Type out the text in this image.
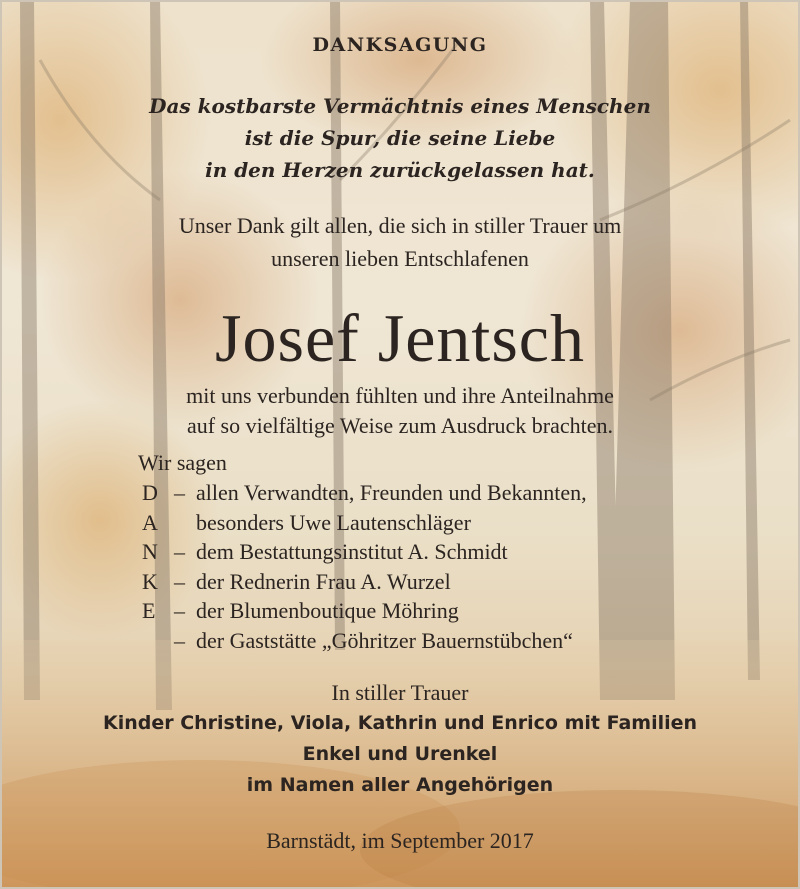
DANKSAGUNG

Das kostbarste Vermächtnis eines Menschen

ist die Spur, die seine Liebe

in den Herzen zurückgelassen hat.

Unser Dank gilt allen, die sich in stiller Trauer um

unseren lieben Entschlafenen

Josef Jentsch

mit uns verbunden fühlten und ihre Anteilnahme

auf so vielfältige Weise zum Ausdruck brachten.

Wir sagen
D – allen Verwandten, Freunden und Bekannten,
A	besonders Uwe Lautenschläger
N – dem Bestattungsinstitut A. Schmidt
K – der Rednerin Frau A. Wurzel
E – der Blumenboutique Möhring
– der Gaststätte „Göhritzer Bauernstübchen“

In stiller Trauer

Kinder Christine, Viola, Kathrin und Enrico mit Familien

Enkel und Urenkel

im Namen aller Angehörigen

Barnstädt, im September 2017
